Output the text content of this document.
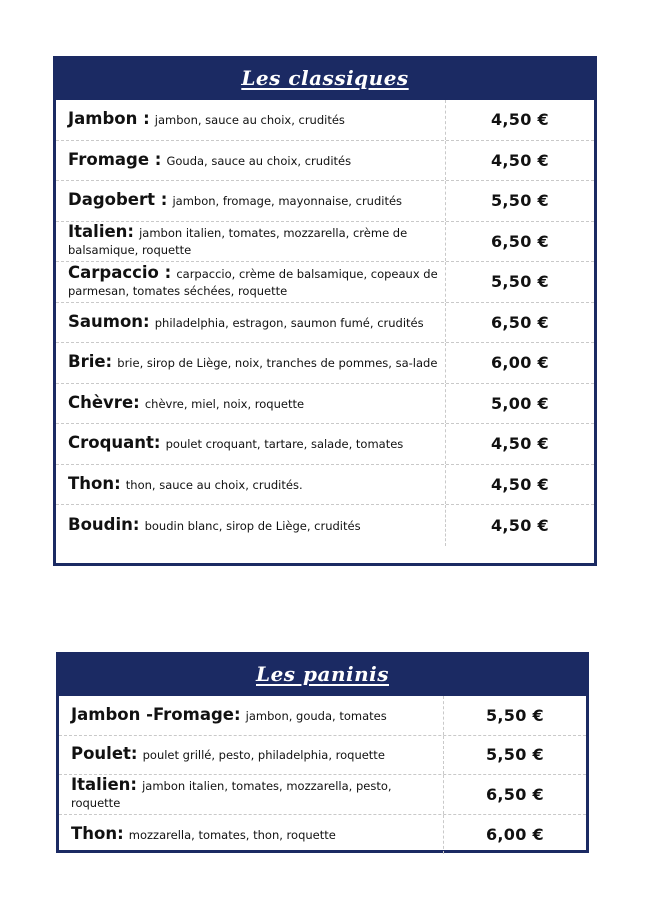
Les classiques
Jambon : jambon, sauce au choix, crudités	4,50 €
Fromage : Gouda, sauce au choix, crudités	4,50 €
Dagobert : jambon, fromage, mayonnaise, crudités	5,50 €
Italien: jambon italien, tomates, mozzarella, crème de balsamique, roquette	6,50 €
Carpaccio : carpaccio, crème de balsamique, copeaux de parmesan, tomates séchées, roquette	5,50 €
Saumon: philadelphia, estragon, saumon fumé, crudités	6,50 €
Brie: brie, sirop de Liège, noix, tranches de pommes, sa-lade	6,00 €
Chèvre: chèvre, miel, noix, roquette	5,00 €
Croquant: poulet croquant, tartare, salade, tomates	4,50 €
Thon: thon, sauce au choix, crudités.	4,50 €
Boudin: boudin blanc, sirop de Liège, crudités	4,50 €
Les paninis
Jambon -Fromage: jambon, gouda, tomates	5,50 €
Poulet: poulet grillé, pesto, philadelphia, roquette	5,50 €
Italien: jambon italien, tomates, mozzarella, pesto, roquette	6,50 €
Thon: mozzarella, tomates, thon, roquette	6,00 €
